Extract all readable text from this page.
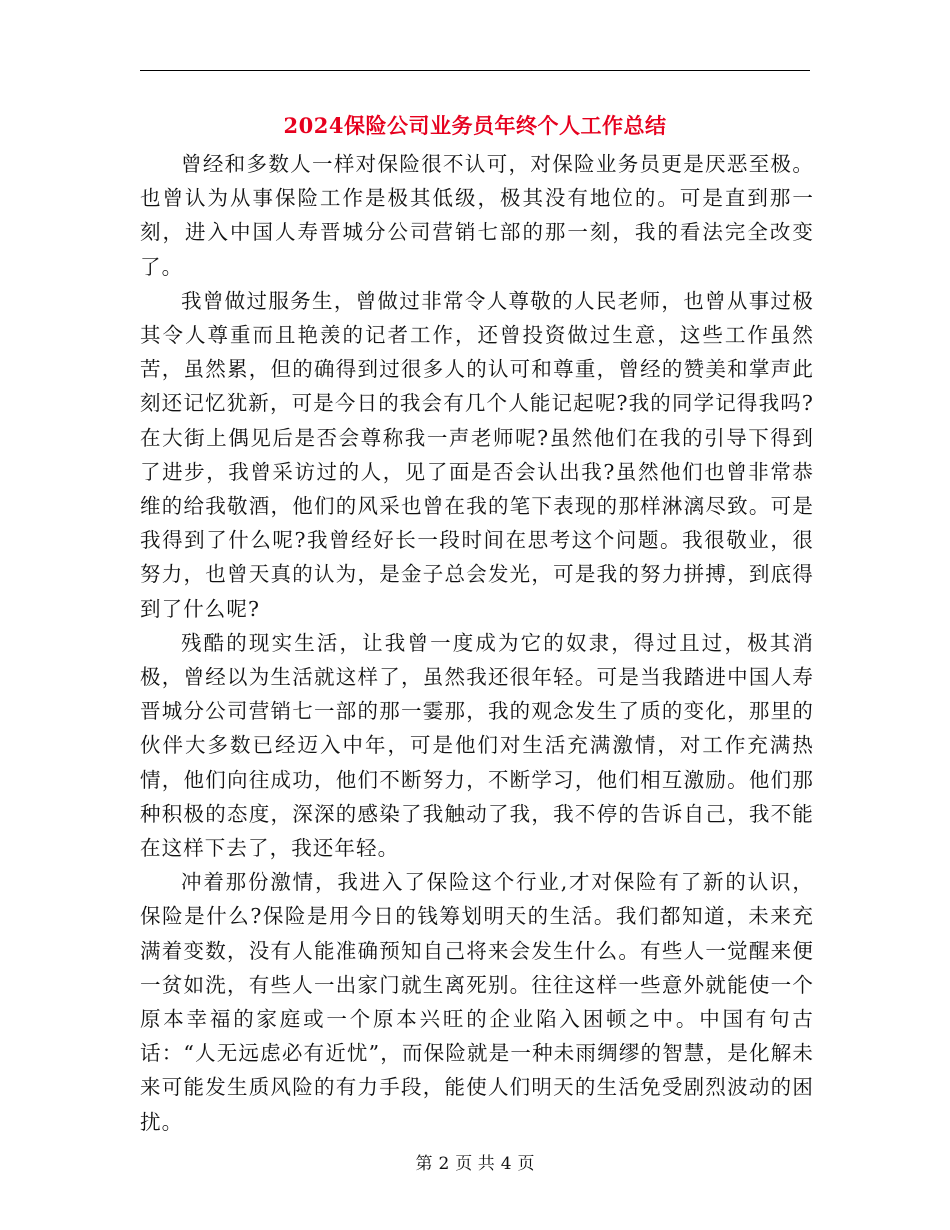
2024保险公司业务员年终个人工作总结

曾经和多数人一样对保险很不认可，对保险业务员更是厌恶至极。也曾认为从事保险工作是极其低级，极其没有地位的。可是直到那一刻，进入中国人寿晋城分公司营销七部的那一刻，我的看法完全改变了。

我曾做过服务生，曾做过非常令人尊敬的人民老师，也曾从事过极其令人尊重而且艳羡的记者工作，还曾投资做过生意，这些工作虽然苦，虽然累，但的确得到过很多人的认可和尊重，曾经的赞美和掌声此刻还记忆犹新，可是今日的我会有几个人能记起呢?我的同学记得我吗?在大街上偶见后是否会尊称我一声老师呢?虽然他们在我的引导下得到了进步，我曾采访过的人，见了面是否会认出我?虽然他们也曾非常恭维的给我敬酒，他们的风采也曾在我的笔下表现的那样淋漓尽致。可是我得到了什么呢?我曾经好长一段时间在思考这个问题。我很敬业，很努力，也曾天真的认为，是金子总会发光，可是我的努力拼搏，到底得到了什么呢?

残酷的现实生活，让我曾一度成为它的奴隶，得过且过，极其消极，曾经以为生活就这样了，虽然我还很年轻。可是当我踏进中国人寿晋城分公司营销七一部的那一霎那，我的观念发生了质的变化，那里的伙伴大多数已经迈入中年，可是他们对生活充满激情，对工作充满热情，他们向往成功，他们不断努力，不断学习，他们相互激励。他们那种积极的态度，深深的感染了我触动了我，我不停的告诉自己，我不能在这样下去了，我还年轻。

冲着那份激情，我进入了保险这个行业,才对保险有了新的认识，保险是什么?保险是用今日的钱筹划明天的生活。我们都知道，未来充满着变数，没有人能准确预知自己将来会发生什么。有些人一觉醒来便一贫如洗，有些人一出家门就生离死别。往往这样一些意外就能使一个原本幸福的家庭或一个原本兴旺的企业陷入困顿之中。中国有句古话：“人无远虑必有近忧”，而保险就是一种未雨绸缪的智慧，是化解未来可能发生质风险的有力手段，能使人们明天的生活免受剧烈波动的困扰。

第 2 页 共 4 页
